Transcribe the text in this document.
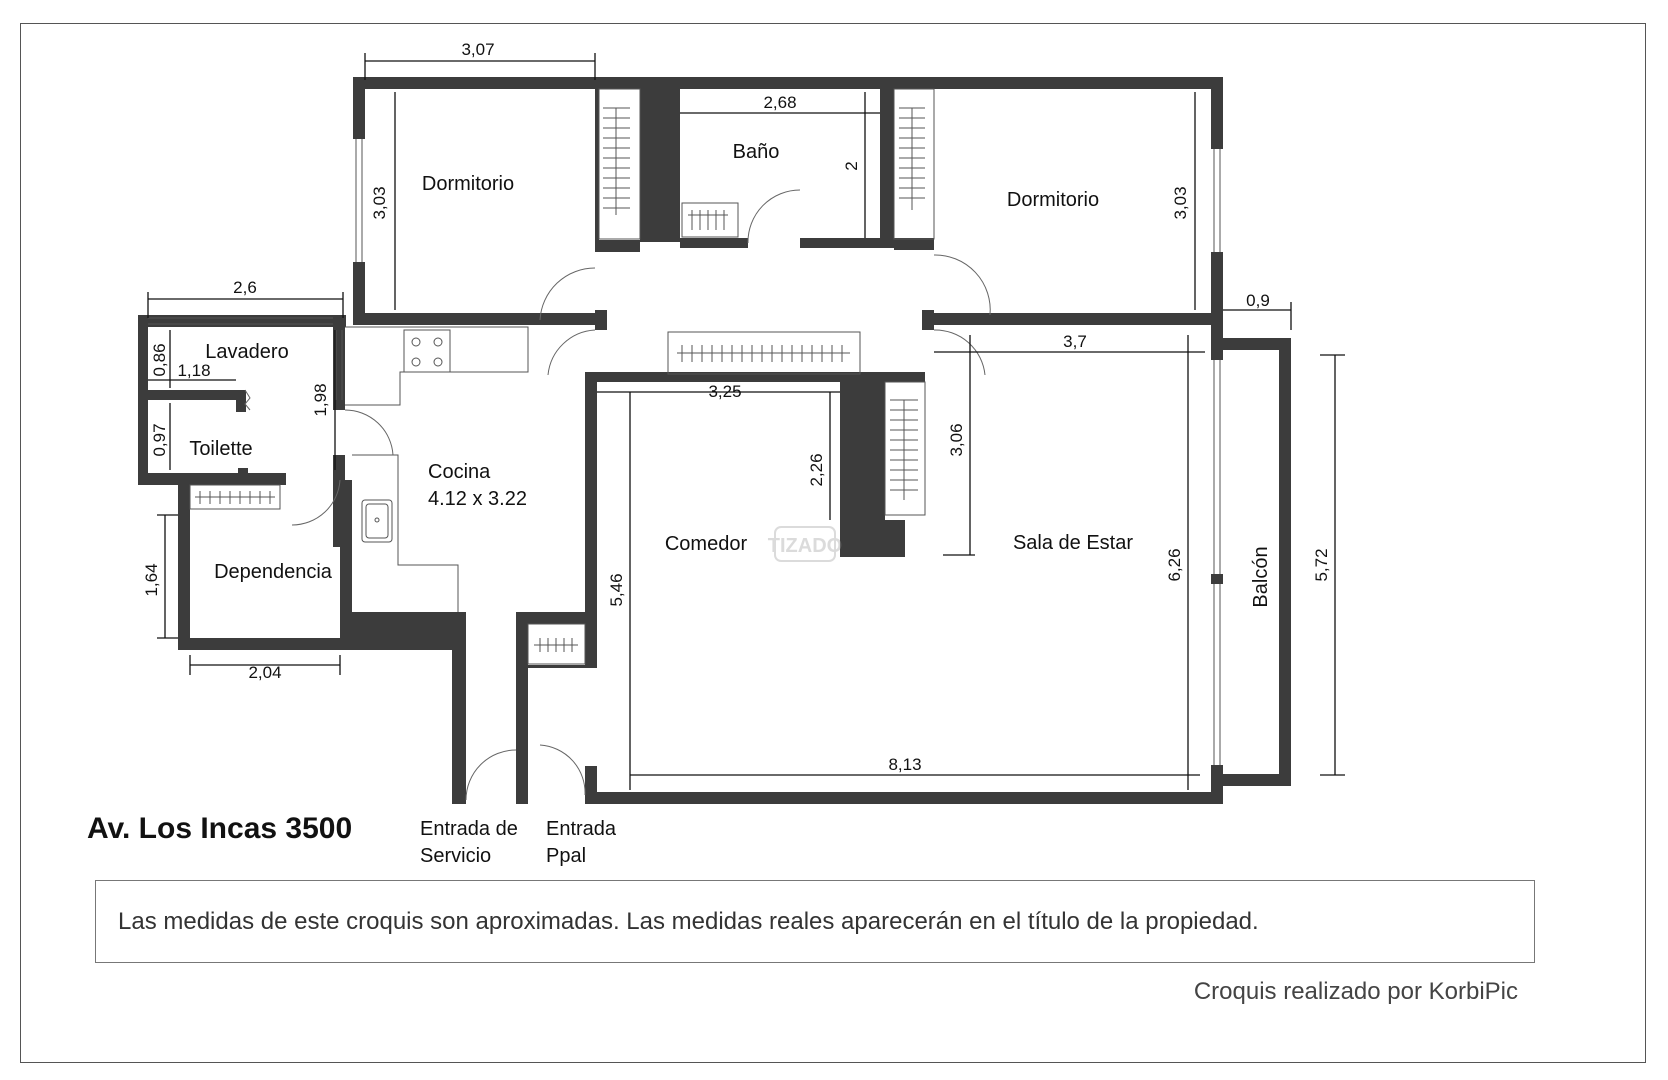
3,07
2,68
2
3,03	3,03
2,6
0,9
0,86 1,18
1,98
0,97
3,7
3,25
3,06
2,26
1,64
2,04
5,46
6,26	5,72
8,13
Dormitorio
Dormitorio
Baño
Lavadero
Toilette
Cocina
4.12 x 3.22
Dependencia
Comedor	Sala de Estar
Balcón
Entrada de
Servicio
Entrada
Ppal
TIZADO
Av. Los Incas 3500
Las medidas de este croquis son aproximadas. Las medidas reales aparecerán en el título de la propiedad.
Croquis realizado por KorbiPic
